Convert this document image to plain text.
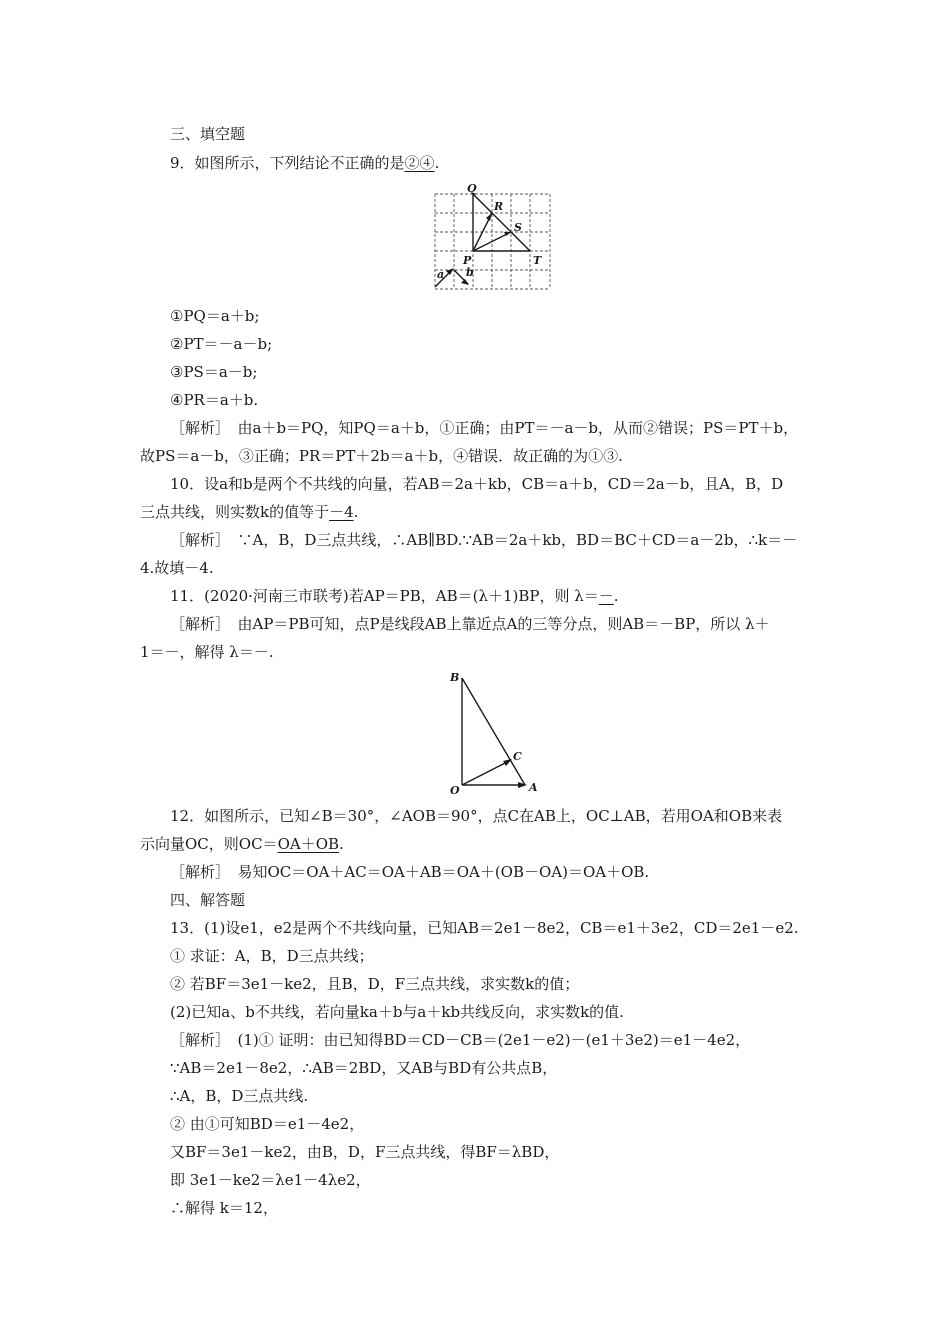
三、填空题
9．如图所示，下列结论不正确的是②④.
Q
R
S
P	T
a b
①PQ＝a＋b;
②PT＝－a－b;
③PS＝a－b;
④PR＝a＋b.
［解析］　由a＋b＝PQ，知PQ＝a＋b，①正确；由PT＝－a－b，从而②错误；PS＝PT＋b，
故PS＝a－b，③正确；PR＝PT＋2b＝a＋b，④错误．故正确的为①③.
10．设a和b是两个不共线的向量，若AB＝2a＋kb，CB＝a＋b，CD＝2a－b，且A，B，D
三点共线，则实数k的值等于－4.
［解析］　∵A，B，D三点共线，∴AB∥BD.∵AB＝2a＋kb，BD＝BC＋CD＝a－2b，∴k＝－
4.故填－4.
11．(2020·河南三市联考)若AP＝PB，AB＝(λ＋1)BP，则 λ＝－.
［解析］　由AP＝PB可知，点P是线段AB上靠近点A的三等分点，则AB＝－BP，所以 λ＋
1＝－，解得 λ＝－.
B
C
O	A
12．如图所示，已知∠B＝30°，∠AOB＝90°，点C在AB上，OC⊥AB，若用OA和OB来表
示向量OC，则OC＝OA＋OB.
［解析］　易知OC＝OA＋AC＝OA＋AB＝OA＋(OB－OA)＝OA＋OB.
四、解答题
13．(1)设e1，e2是两个不共线向量，已知AB＝2e1－8e2，CB＝e1＋3e2，CD＝2e1－e2.
① 求证：A，B，D三点共线；
② 若BF＝3e1－ke2，且B，D，F三点共线，求实数k的值；
(2)已知a、b不共线，若向量ka＋b与a＋kb共线反向，求实数k的值.
［解析］　(1)① 证明：由已知得BD＝CD－CB＝(2e1－e2)－(e1＋3e2)＝e1－4e2，
∵AB＝2e1－8e2，∴AB＝2BD，又AB与BD有公共点B，
∴A，B，D三点共线.
② 由①可知BD＝e1－4e2，
又BF＝3e1－ke2，由B，D，F三点共线，得BF＝λBD，
即 3e1－ke2＝λe1－4λe2，
∴解得 k＝12，
